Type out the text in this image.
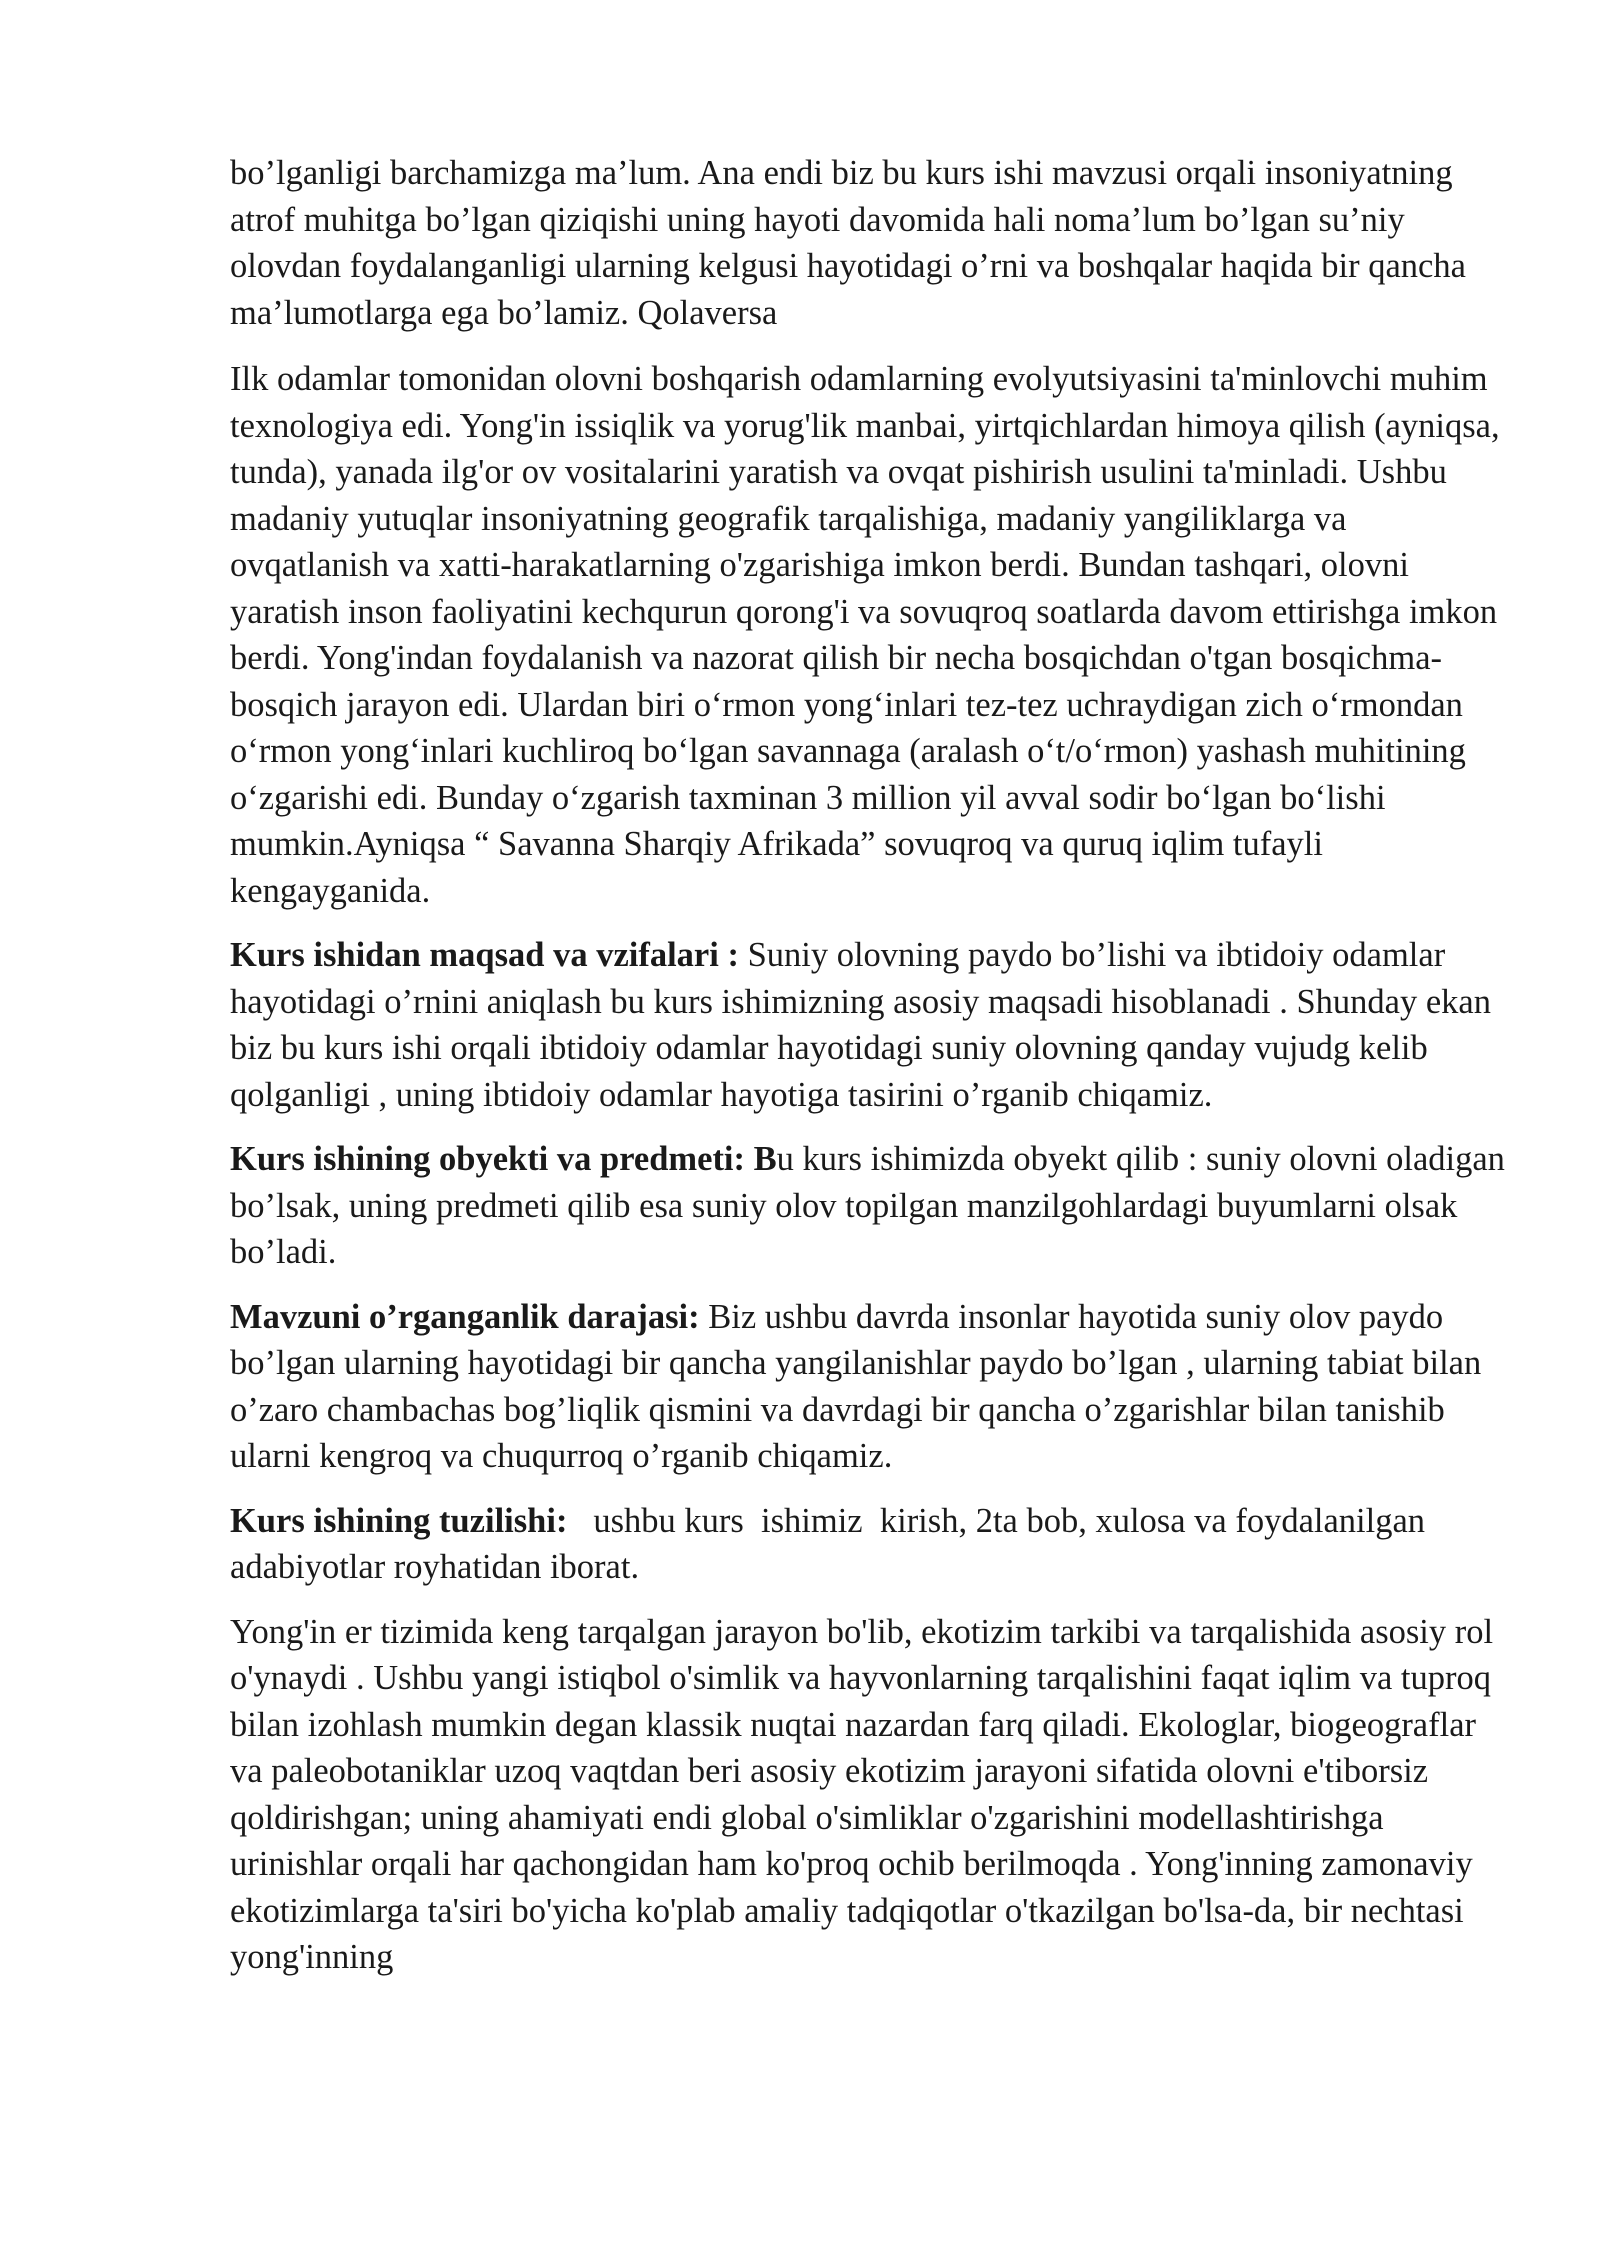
bo’lganligi barchamizga ma’lum. Ana endi biz bu kurs ishi mavzusi orqali insoniyatning atrof muhitga bo’lgan qiziqishi uning hayoti davomida hali noma’lum bo’lgan su’niy olovdan foydalanganligi ularning kelgusi hayotidagi o’rni va boshqalar haqida bir qancha ma’lumotlarga ega bo’lamiz. Qolaversa

Ilk odamlar tomonidan olovni boshqarish odamlarning evolyutsiyasini ta'minlovchi muhim texnologiya edi. Yong'in issiqlik va yorug'lik manbai, yirtqichlardan himoya qilish (ayniqsa, tunda), yanada ilg'or ov vositalarini yaratish va ovqat pishirish usulini ta'minladi. Ushbu madaniy yutuqlar insoniyatning geografik tarqalishiga, madaniy yangiliklarga va ovqatlanish va xatti-harakatlarning o'zgarishiga imkon berdi. Bundan tashqari, olovni yaratish inson faoliyatini kechqurun qorong'i va sovuqroq soatlarda davom ettirishga imkon berdi. Yong'indan foydalanish va nazorat qilish bir necha bosqichdan o'tgan bosqichma-bosqich jarayon edi. Ulardan biri o‘rmon yong‘inlari tez-tez uchraydigan zich o‘rmondan o‘rmon yong‘inlari kuchliroq bo‘lgan savannaga (aralash o‘t/o‘rmon) yashash muhitining o‘zgarishi edi. Bunday o‘zgarish taxminan 3 million yil avval sodir bo‘lgan bo‘lishi mumkin.Ayniqsa “ Savanna Sharqiy Afrikada” sovuqroq va quruq iqlim tufayli kengayganida.

Kurs ishidan maqsad va vzifalari : Suniy olovning paydo bo’lishi va ibtidoiy odamlar hayotidagi o’rnini aniqlash bu kurs ishimizning asosiy maqsadi hisoblanadi . Shunday ekan biz bu kurs ishi orqali ibtidoiy odamlar hayotidagi suniy olovning qanday vujudg kelib qolganligi , uning ibtidoiy odamlar hayotiga tasirini o’rganib chiqamiz.

Kurs ishining obyekti va predmeti: Bu kurs ishimizda obyekt qilib : suniy olovni oladigan bo’lsak, uning predmeti qilib esa suniy olov topilgan manzilgohlardagi buyumlarni olsak bo’ladi.

Mavzuni o’rganganlik darajasi: Biz ushbu davrda insonlar hayotida suniy olov paydo bo’lgan ularning hayotidagi bir qancha yangilanishlar paydo bo’lgan , ularning tabiat bilan o’zaro chambachas bog’liqlik qismini va davrdagi bir qancha o’zgarishlar bilan tanishib ularni kengroq va chuqurroq o’rganib chiqamiz.

Kurs ishining tuzilishi:   ushbu kurs  ishimiz  kirish, 2ta bob, xulosa va foydalanilgan adabiyotlar royhatidan iborat.

Yong'in er tizimida keng tarqalgan jarayon bo'lib, ekotizim tarkibi va tarqalishida asosiy rol o'ynaydi . Ushbu yangi istiqbol o'simlik va hayvonlarning tarqalishini faqat iqlim va tuproq bilan izohlash mumkin degan klassik nuqtai nazardan farq qiladi. Ekologlar, biogeograflar va paleobotaniklar uzoq vaqtdan beri asosiy ekotizim jarayoni sifatida olovni e'tiborsiz qoldirishgan; uning ahamiyati endi global o'simliklar o'zgarishini modellashtirishga urinishlar orqali har qachongidan ham ko'proq ochib berilmoqda . Yong'inning zamonaviy ekotizimlarga ta'siri bo'yicha ko'plab amaliy tadqiqotlar o'tkazilgan bo'lsa-da, bir nechtasi yong'inning
